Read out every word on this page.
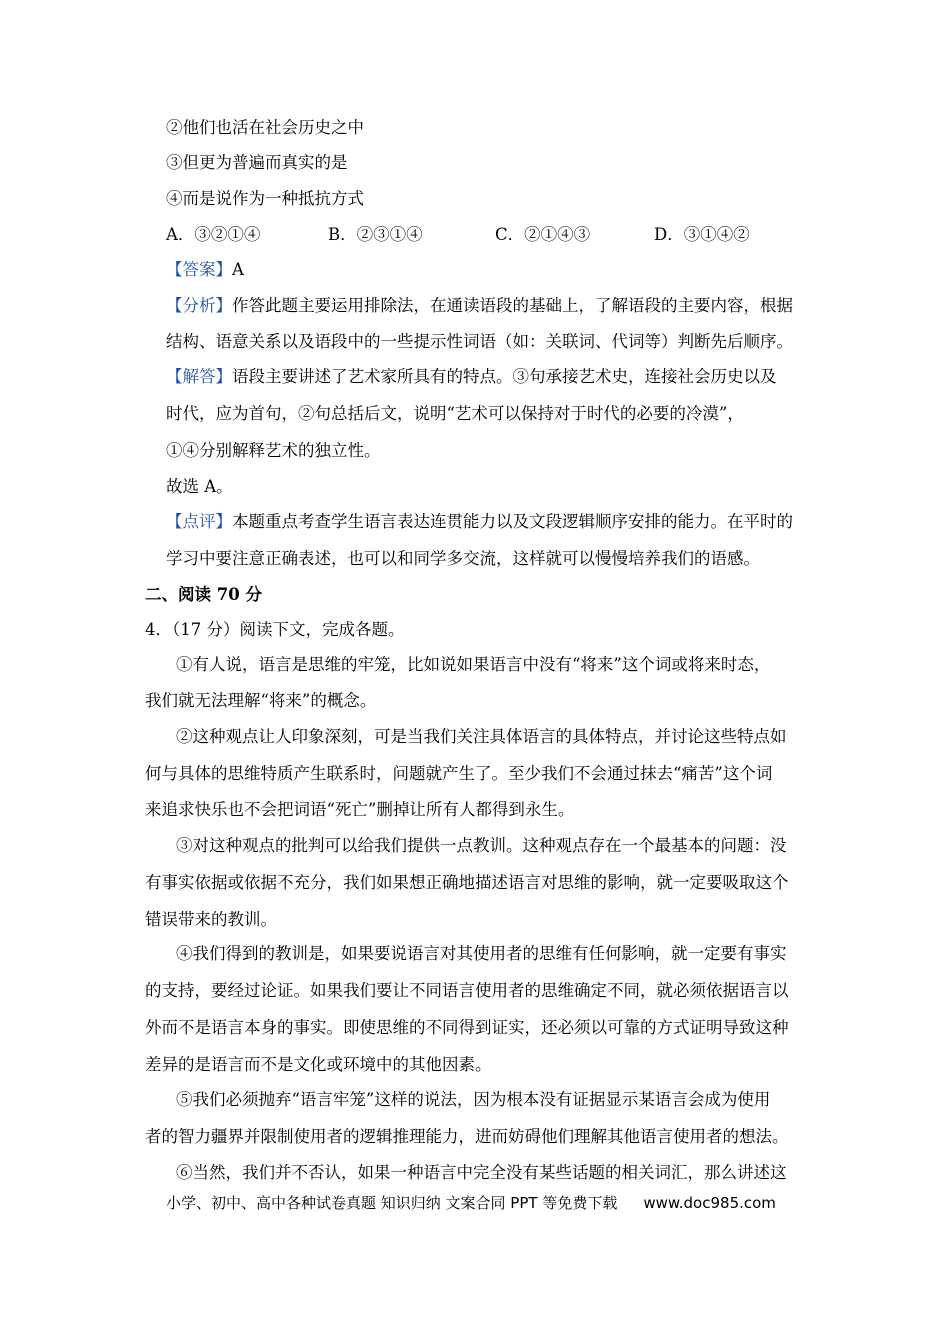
②他们也活在社会历史之中
③但更为普遍而真实的是
④而是说作为一种抵抗方式
A．③②①④	B．②③①④	C．②①④③	D．③①④②
【答案】A
【分析】作答此题主要运用排除法，在通读语段的基础上，了解语段的主要内容，根据
结构、语意关系以及语段中的一些提示性词语（如：关联词、代词等）判断先后顺序。
【解答】语段主要讲述了艺术家所具有的特点。③句承接艺术史，连接社会历史以及
时代，应为首句，②句总括后文，说明“艺术可以保持对于时代的必要的冷漠”，
①④分别解释艺术的独立性。
故选 A。
【点评】本题重点考查学生语言表达连贯能力以及文段逻辑顺序安排的能力。在平时的
学习中要注意正确表述，也可以和同学多交流，这样就可以慢慢培养我们的语感。
二、阅读 70 分
4．（17 分）阅读下文，完成各题。
①有人说，语言是思维的牢笼，比如说如果语言中没有“将来”这个词或将来时态，
我们就无法理解“将来”的概念。
②这种观点让人印象深刻，可是当我们关注具体语言的具体特点，并讨论这些特点如
何与具体的思维特质产生联系时，问题就产生了。至少我们不会通过抹去“痛苦”这个词
来追求快乐也不会把词语“死亡”删掉让所有人都得到永生。
③对这种观点的批判可以给我们提供一点教训。这种观点存在一个最基本的问题：没
有事实依据或依据不充分，我们如果想正确地描述语言对思维的影响，就一定要吸取这个
错误带来的教训。
④我们得到的教训是，如果要说语言对其使用者的思维有任何影响，就一定要有事实
的支持，要经过论证。如果我们要让不同语言使用者的思维确定不同，就必须依据语言以
外而不是语言本身的事实。即使思维的不同得到证实，还必须以可靠的方式证明导致这种
差异的是语言而不是文化或环境中的其他因素。
⑤我们必须抛弃“语言牢笼”这样的说法，因为根本没有证据显示某语言会成为使用
者的智力疆界并限制使用者的逻辑推理能力，进而妨碍他们理解其他语言使用者的想法。
⑥当然，我们并不否认，如果一种语言中完全没有某些话题的相关词汇，那么讲述这
小学、初中、高中各种试卷真题 知识归纳 文案合同 PPT 等免费下载 www.doc985.com
